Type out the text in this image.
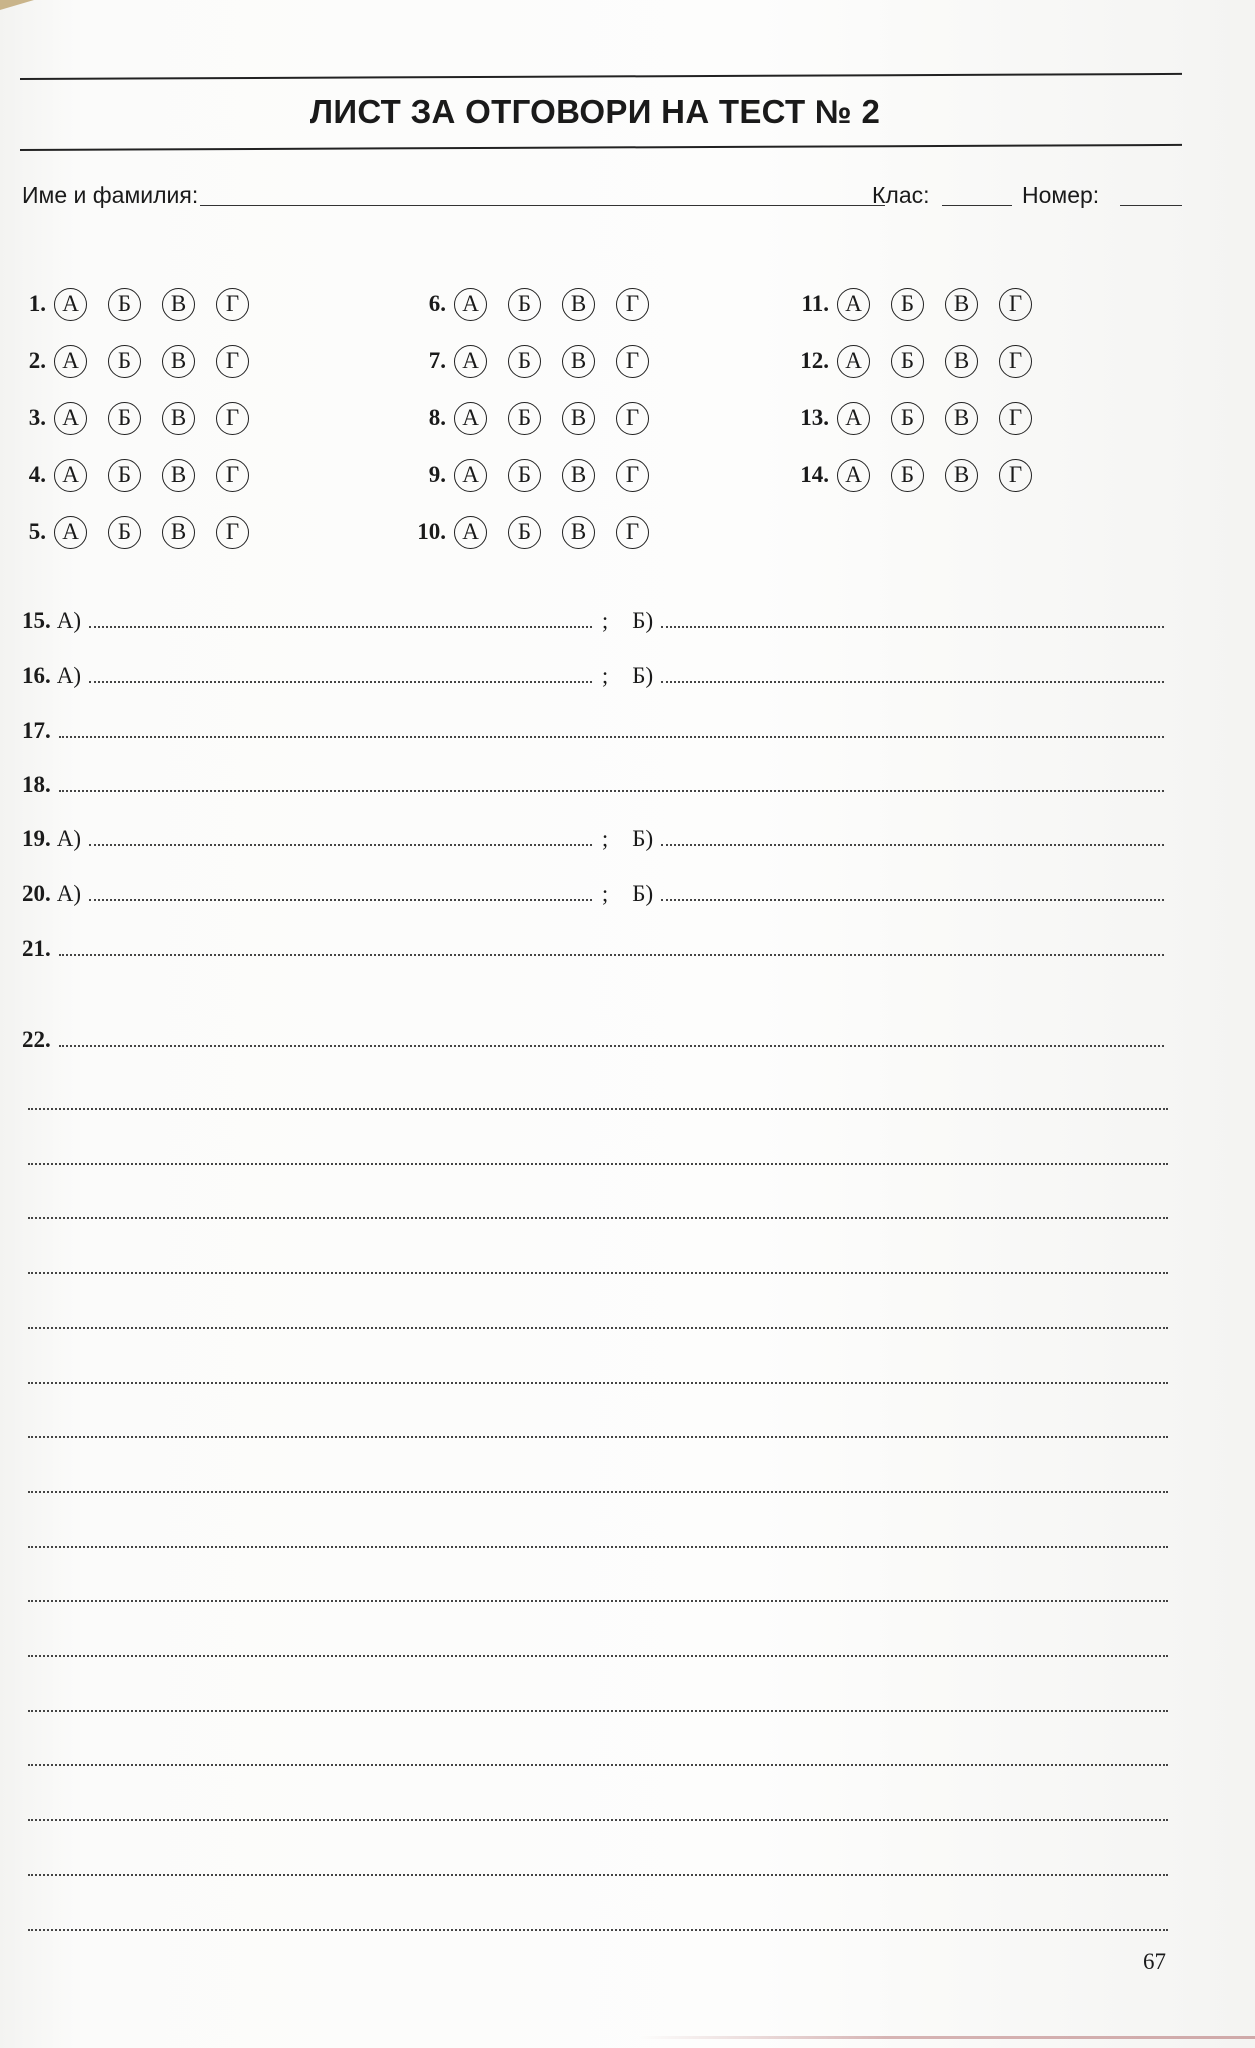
ЛИСТ ЗА ОТГОВОРИ НА ТЕСТ № 2
Име и фамилия:	Клас:	Номер:
1. А	Б	В	Г
2. А	Б	В	Г
3. А	Б	В	Г
4. А	Б	В	Г
5. А	Б	В	Г
6. А	Б	В	Г
7. А	Б	В	Г
8. А	Б	В	Г
9. А	Б	В	Г
10. А	Б	В	Г
11. А	Б	В	Г
12. А	Б	В	Г
13. А	Б	В	Г
14. А	Б	В	Г
15. А)	; Б)
16. А)	; Б)
17.
18.
19. А)	; Б)
20. А)	; Б)
21.
22.
67
